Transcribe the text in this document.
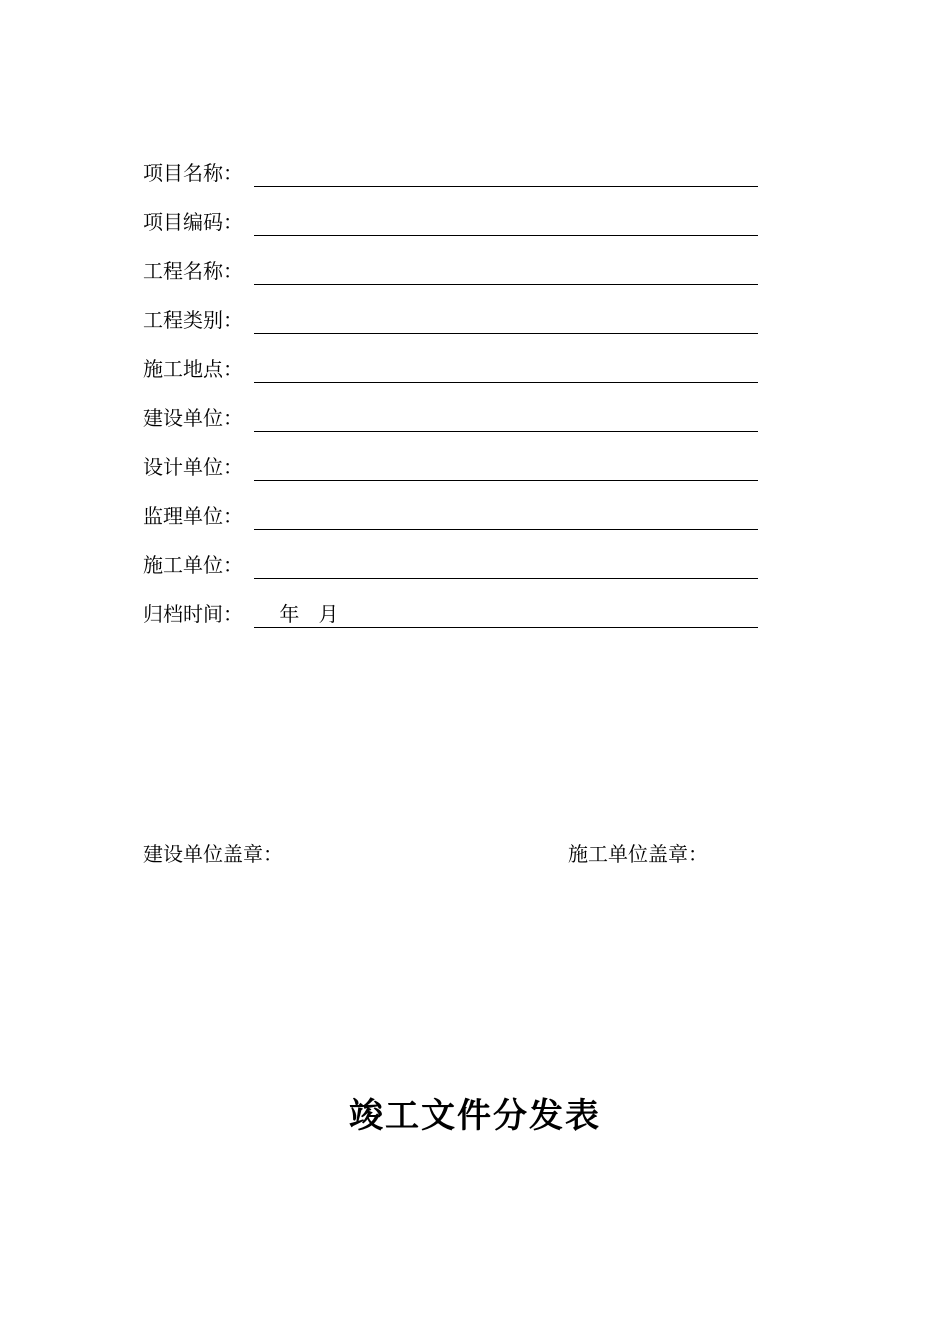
项目名称：
项目编码：
工程名称：
工程类别：
施工地点：
建设单位：
设计单位：
监理单位：
施工单位：
归档时间： 年   月
建设单位盖章：	施工单位盖章：
竣工文件分发表
